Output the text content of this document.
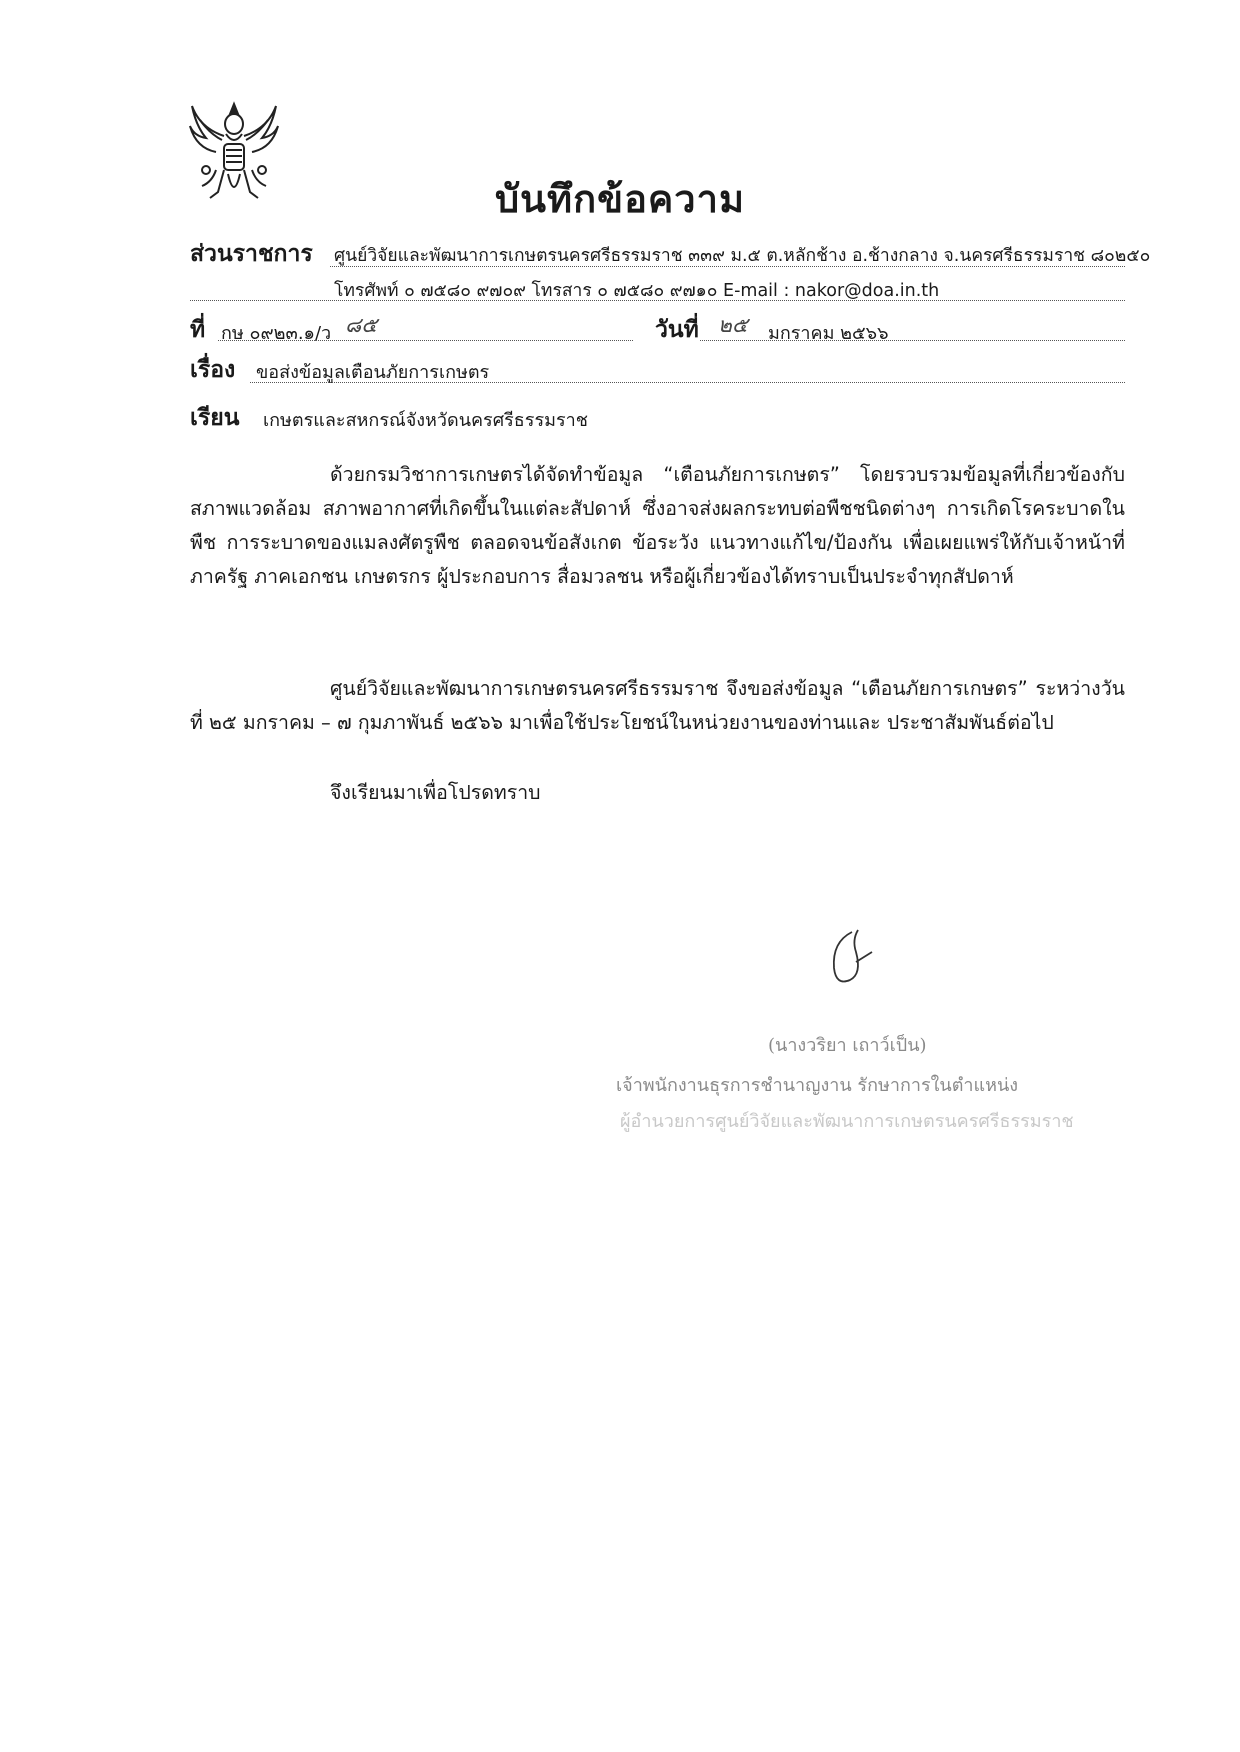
บันทึกข้อความ
ส่วนราชการ ศูนย์วิจัยและพัฒนาการเกษตรนครศรีธรรมราช ๓๓๙ ม.๕ ต.หลักช้าง อ.ช้างกลาง จ.นครศรีธรรมราช ๘๐๒๕๐
โทรศัพท์ ๐ ๗๕๘๐ ๙๗๐๙ โทรสาร ๐ ๗๕๘๐ ๙๗๑๐ E-mail : nakor@doa.in.th
ที่ กษ ๐๙๒๓.๑/ว ๘๕	วันที่ ๒๕ มกราคม ๒๕๖๖
เรื่อง ขอส่งข้อมูลเตือนภัยการเกษตร
เรียน เกษตรและสหกรณ์จังหวัดนครศรีธรรมราช
ด้วยกรมวิชาการเกษตรได้จัดทำข้อมูล “เตือนภัยการเกษตร” โดยรวบรวมข้อมูลที่เกี่ยวข้องกับสภาพแวดล้อม สภาพอากาศที่เกิดขึ้นในแต่ละสัปดาห์ ซึ่งอาจส่งผลกระทบต่อพืชชนิดต่างๆ การเกิดโรคระบาดในพืช การระบาดของแมลงศัตรูพืช ตลอดจนข้อสังเกต ข้อระวัง แนวทางแก้ไข/ป้องกัน เพื่อเผยแพร่ให้กับเจ้าหน้าที่ภาครัฐ ภาคเอกชน เกษตรกร ผู้ประกอบการ สื่อมวลชน หรือผู้เกี่ยวข้องได้ทราบเป็นประจำทุกสัปดาห์
ศูนย์วิจัยและพัฒนาการเกษตรนครศรีธรรมราช จึงขอส่งข้อมูล “เตือนภัยการเกษตร” ระหว่างวันที่ ๒๕ มกราคม – ๗ กุมภาพันธ์ ๒๕๖๖ มาเพื่อใช้ประโยชน์ในหน่วยงานของท่านและ ประชาสัมพันธ์ต่อไป
จึงเรียนมาเพื่อโปรดทราบ
(นางวริยา เถาว์เป็น)
เจ้าพนักงานธุรการชำนาญงาน รักษาการในตำแหน่ง
ผู้อำนวยการศูนย์วิจัยและพัฒนาการเกษตรนครศรีธรรมราช
